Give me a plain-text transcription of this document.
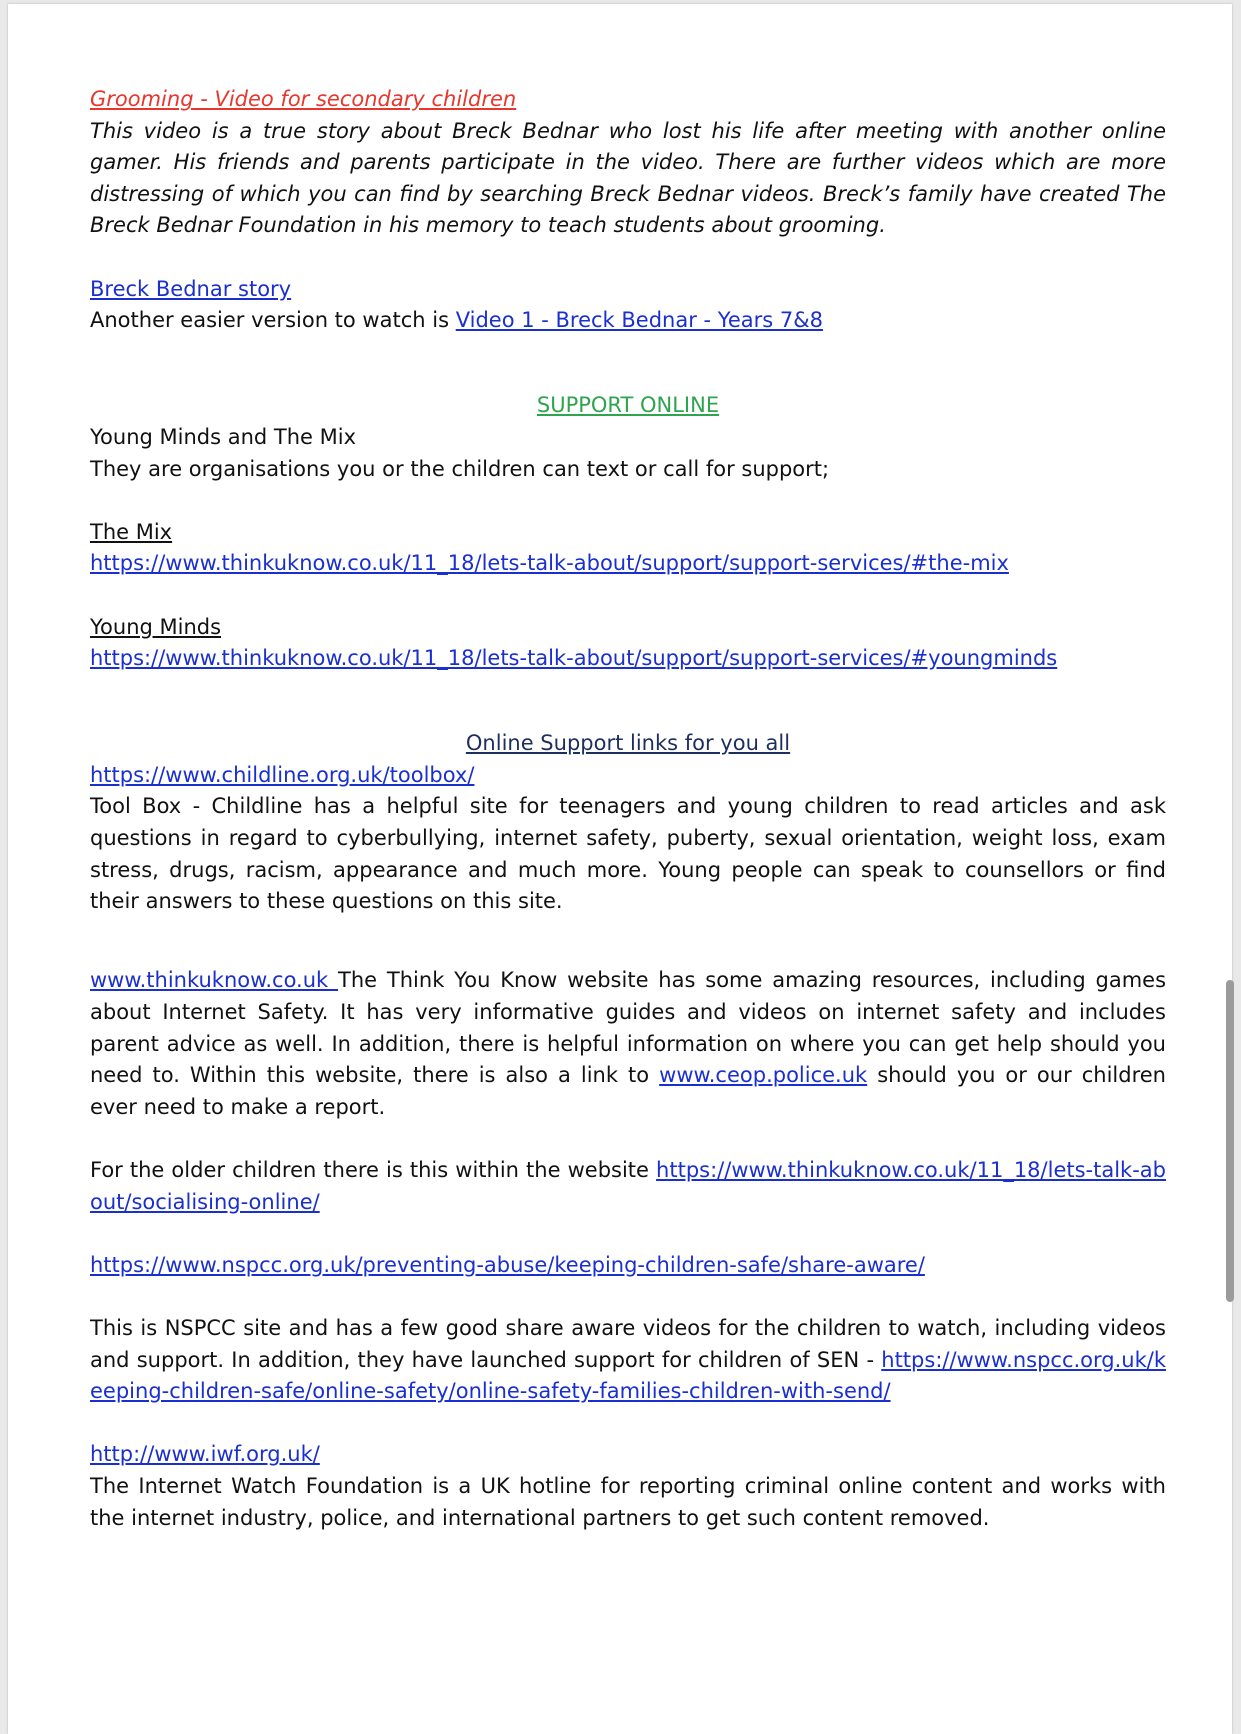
Grooming - Video for secondary children

This video is a true story about Breck Bednar who lost his life after meeting with another online gamer. His friends and parents participate in the video. There are further videos which are more distressing of which you can find by searching Breck Bednar videos. Breck’s family have created The Breck Bednar Foundation in his memory to teach students about grooming.

Breck Bednar story

Another easier version to watch is Video 1 - Breck Bednar - Years 7&8

SUPPORT ONLINE

Young Minds and The Mix

They are organisations you or the children can text or call for support;

The Mix

https://www.thinkuknow.co.uk/11_18/lets-talk-about/support/support-services/#the-mix

Young Minds

https://www.thinkuknow.co.uk/11_18/lets-talk-about/support/support-services/#youngminds

Online Support links for you all

https://www.childline.org.uk/toolbox/

Tool Box - Childline has a helpful site for teenagers and young children to read articles and ask questions in regard to cyberbullying, internet safety, puberty, sexual orientation, weight loss, exam stress, drugs, racism, appearance and much more. Young people can speak to counsellors or find their answers to these questions on this site.

www.thinkuknow.co.uk The Think You Know website has some amazing resources, including games about Internet Safety. It has very informative guides and videos on internet safety and includes parent advice as well. In addition, there is helpful information on where you can get help should you need to. Within this website, there is also a link to www.ceop.police.uk should you or our children ever need to make a report.

For the older children there is this within the website https://www.thinkuknow.co.uk/11_18/lets-talk-about/socialising-online/

https://www.nspcc.org.uk/preventing-abuse/keeping-children-safe/share-aware/

This is NSPCC site and has a few good share aware videos for the children to watch, including videos and support. In addition, they have launched support for children of SEN - https://www.nspcc.org.uk/keeping-children-safe/online-safety/online-safety-families-children-with-send/

http://www.iwf.org.uk/

The Internet Watch Foundation is a UK hotline for reporting criminal online content and works with the internet industry, police, and international partners to get such content removed.
